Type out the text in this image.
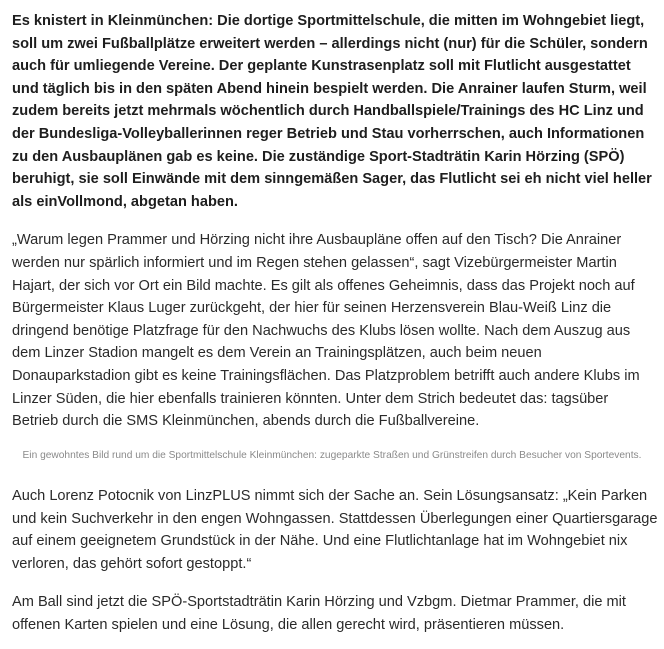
Es knistert in Kleinmünchen: Die dortige Sportmittelschule, die mitten im Wohngebiet liegt, soll um zwei Fußballplätze erweitert werden – allerdings nicht (nur) für die Schüler, sondern auch für umliegende Vereine. Der geplante Kunstrasenplatz soll mit Flutlicht ausgestattet und täglich bis in den späten Abend hinein bespielt werden. Die Anrainer laufen Sturm, weil zudem bereits jetzt mehrmals wöchentlich durch Handballspiele/Trainings des HC Linz und der Bundesliga-Volleyballerinnen reger Betrieb und Stau vorherrschen, auch Informationen zu den Ausbauplänen gab es keine. Die zuständige Sport-Stadträtin Karin Hörzing (SPÖ) beruhigt, sie soll Einwände mit dem sinngemäßen Sager, das Flutlicht sei eh nicht viel heller als einVollmond, abgetan haben.

„Warum legen Prammer und Hörzing nicht ihre Ausbaupläne offen auf den Tisch? Die Anrainer werden nur spärlich informiert und im Regen stehen gelassen“, sagt Vizebürgermeister Martin Hajart, der sich vor Ort ein Bild machte. Es gilt als offenes Geheimnis, dass das Projekt noch auf Bürgermeister Klaus Luger zurückgeht, der hier für seinen Herzensverein Blau-Weiß Linz die dringend benötige Platzfrage für den Nachwuchs des Klubs lösen wollte. Nach dem Auszug aus dem Linzer Stadion mangelt es dem Verein an Trainingsplätzen, auch beim neuen Donauparkstadion gibt es keine Trainingsflächen. Das Platzproblem betrifft auch andere Klubs im Linzer Süden, die hier ebenfalls trainieren könnten. Unter dem Strich bedeutet das: tagsüber Betrieb durch die SMS Kleinmünchen, abends durch die Fußballvereine.

Ein gewohntes Bild rund um die Sportmittelschule Kleinmünchen: zugeparkte Straßen und Grünstreifen durch Besucher von Sportevents.

Auch Lorenz Potocnik von LinzPLUS nimmt sich der Sache an. Sein Lösungsansatz: „Kein Parken und kein Suchverkehr in den engen Wohngassen. Stattdessen Überlegungen einer Quartiersgarage auf einem geeignetem Grundstück in der Nähe. Und eine Flutlichtanlage hat im Wohngebiet nix verloren, das gehört sofort gestoppt.“

Am Ball sind jetzt die SPÖ-Sportstadträtin Karin Hörzing und Vzbgm. Dietmar Prammer, die mit offenen Karten spielen und eine Lösung, die allen gerecht wird, präsentieren müssen.
